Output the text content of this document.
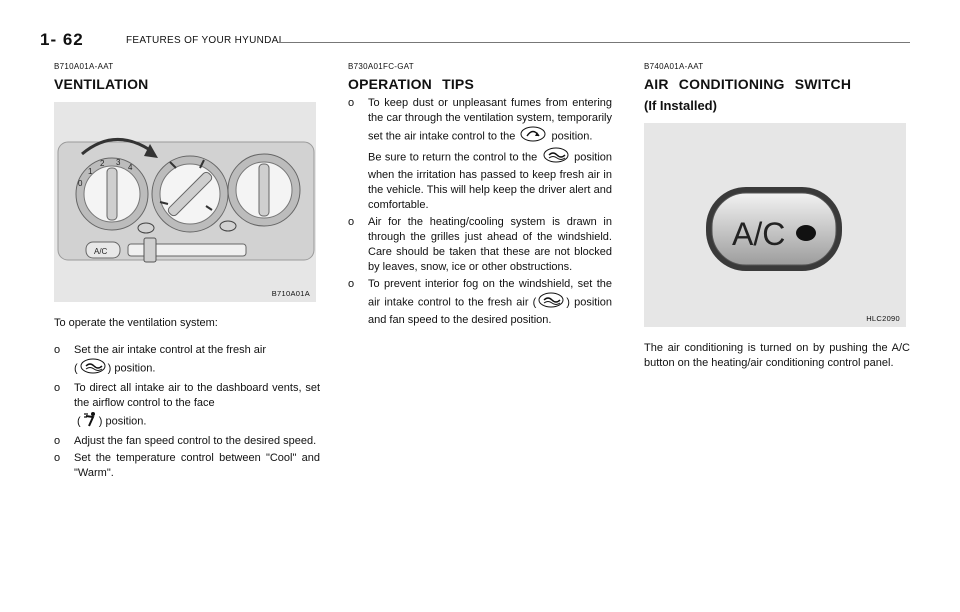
1- 62	FEATURES OF YOUR HYUNDAI
B710A01A-AAT
VENTILATION
1
2 3
4
0
A/C
B710A01A
To operate the ventilation system:
o Set the air intake control at the fresh air
(	) position.
o To direct all intake air to the dashboard vents, set the airflow control to the face
( ) position.
o Adjust the fan speed control to the desired speed.
o Set the temperature control between "Cool" and "Warm".
B730A01FC-GAT
OPERATION TIPS
o To keep dust or unpleasant fumes from entering the car through the ventilation system, temporarily set the air intake control to the	position.
Be sure to return the control to the	position when the irritation has passed to keep fresh air in the vehicle. This will help keep the driver alert and comfortable.
o Air for the heating/cooling system is drawn in through the grilles just ahead of the windshield. Care should be taken that these are not blocked by leaves, snow, ice or other obstructions.
o To prevent interior fog on the windshield, set the air intake control to the fresh air (	) position and fan speed to the desired position.
B740A01A-AAT
AIR CONDITIONING SWITCH
(If Installed)
A/C
HLC2090
The air conditioning is turned on by pushing the A/C button on the heating/air conditioning control panel.
